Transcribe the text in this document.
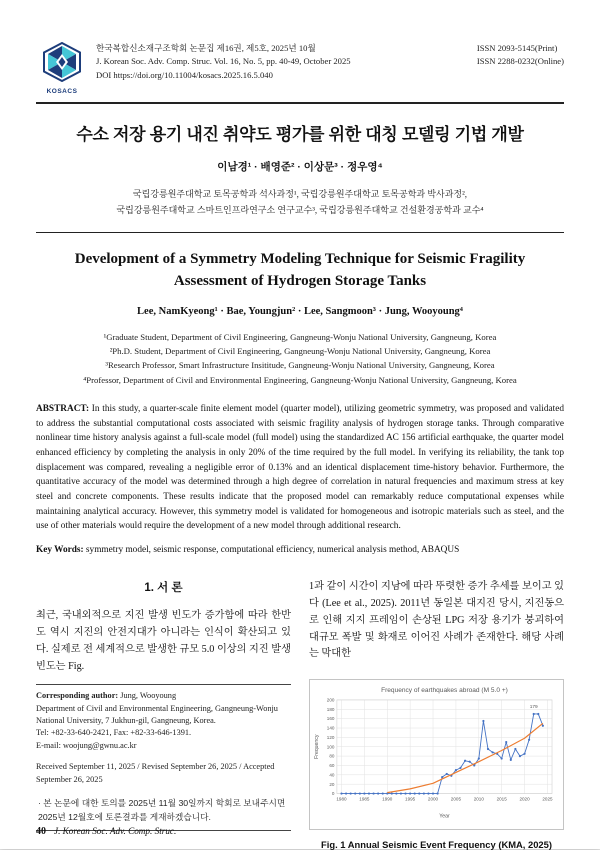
KOSACS
한국복합신소재구조학회 논문집 제16권, 제5호, 2025년 10월
J. Korean Soc. Adv. Comp. Struc. Vol. 16, No. 5, pp. 40-49, October 2025
DOI https://doi.org/10.11004/kosacs.2025.16.5.040
ISSN 2093-5145(Print)
ISSN 2288-0232(Online)
수소 저장 용기 내진 취약도 평가를 위한 대칭 모델링 기법 개발
이남경¹ · 배영준² · 이상문³ · 정우영⁴
국립강릉원주대학교 토목공학과 석사과정¹, 국립강릉원주대학교 토목공학과 박사과정²,
국립강릉원주대학교 스마트인프라연구소 연구교수³, 국립강릉원주대학교 건설환경공학과 교수⁴
Development of a Symmetry Modeling Technique for Seismic Fragility
Assessment of Hydrogen Storage Tanks
Lee, NamKyeong¹ · Bae, Youngjun² · Lee, Sangmoon³ · Jung, Wooyoung⁴
¹Graduate Student, Department of Civil Engineering, Gangneung-Wonju National University, Gangneung, Korea
²Ph.D. Student, Department of Civil Engineering, Gangneung-Wonju National University, Gangneung, Korea
³Research Professor, Smart Infrastructure Insititude, Gangneung-Wonju National University, Gangneung, Korea
⁴Professor, Department of Civil and Environmental Engineering, Gangneung-Wonju National University, Gangneung, Korea
ABSTRACT: In this study, a quarter-scale finite element model (quarter model), utilizing geometric symmetry, was proposed and validated to address the substantial computational costs associated with seismic fragility analysis of hydrogen storage tanks. Through comparative nonlinear time history analysis against a full-scale model (full model) using the standardized AC 156 artificial earthquake, the quarter model enhanced efficiency by completing the analysis in only 20% of the time required by the full model. In verifying its reliability, the tank top displacement was compared, revealing a negligible error of 0.13% and an identical displacement time-history behavior. Furthermore, the quantitative accuracy of the model was determined through a high degree of correlation in natural frequencies and maximum stress at key steel and concrete components. These results indicate that the proposed model can remarkably reduce computational expenses while maintaining analytical accuracy. However, this symmetry model is validated for homogeneous and isotropic materials such as steel, and the use of other materials would require the development of a new model through additional research.
Key Words: symmetry model, seismic response, computational efficiency, numerical analysis method, ABAQUS
1. 서 론
최근, 국내외적으로 지진 발생 빈도가 증가함에 따라 한반도 역시 지진의 안전지대가 아니라는 인식이 확산되고 있다. 실제로 전 세계적으로 발생한 규모 5.0 이상의 지진 발생 빈도는 Fig.
Corresponding author: Jung, Wooyoung
Department of Civil and Environmental Engineering, Gangneung-Wonju National University, 7 Jukhun-gil, Gangneung, Korea.
Tel: +82-33-640-2421, Fax: +82-33-646-1391.
E-mail: woojung@gwnu.ac.kr
Received September 11, 2025 / Revised September 26, 2025 / Accepted September 26, 2025
· 본 논문에 대한 토의를 2025년 11월 30일까지 학회로 보내주시면 2025년 12월호에 토론결과를 게재하겠습니다.
1과 같이 시간이 지남에 따라 뚜렷한 증가 추세를 보이고 있다 (Lee et al., 2025). 2011년 동일본 대지진 당시, 지진동으로 인해 지지 프레임이 손상된 LPG 저장 용기가 붕괴하여 대규모 폭발 및 화재로 이어진 사례가 존재한다. 해당 사례는 막대한
0
20
40
60
80
100
120
140
160
180
200
1980	1985	1990	1995	2000	2005	2010	2015	2020	2025
Year
Frequency
Frequency of earthquakes abroad (M 5.0 +)
179
Fig. 1 Annual Seismic Event Frequency (KMA, 2025)
40 J. Korean Soc. Adv. Comp. Struc.
